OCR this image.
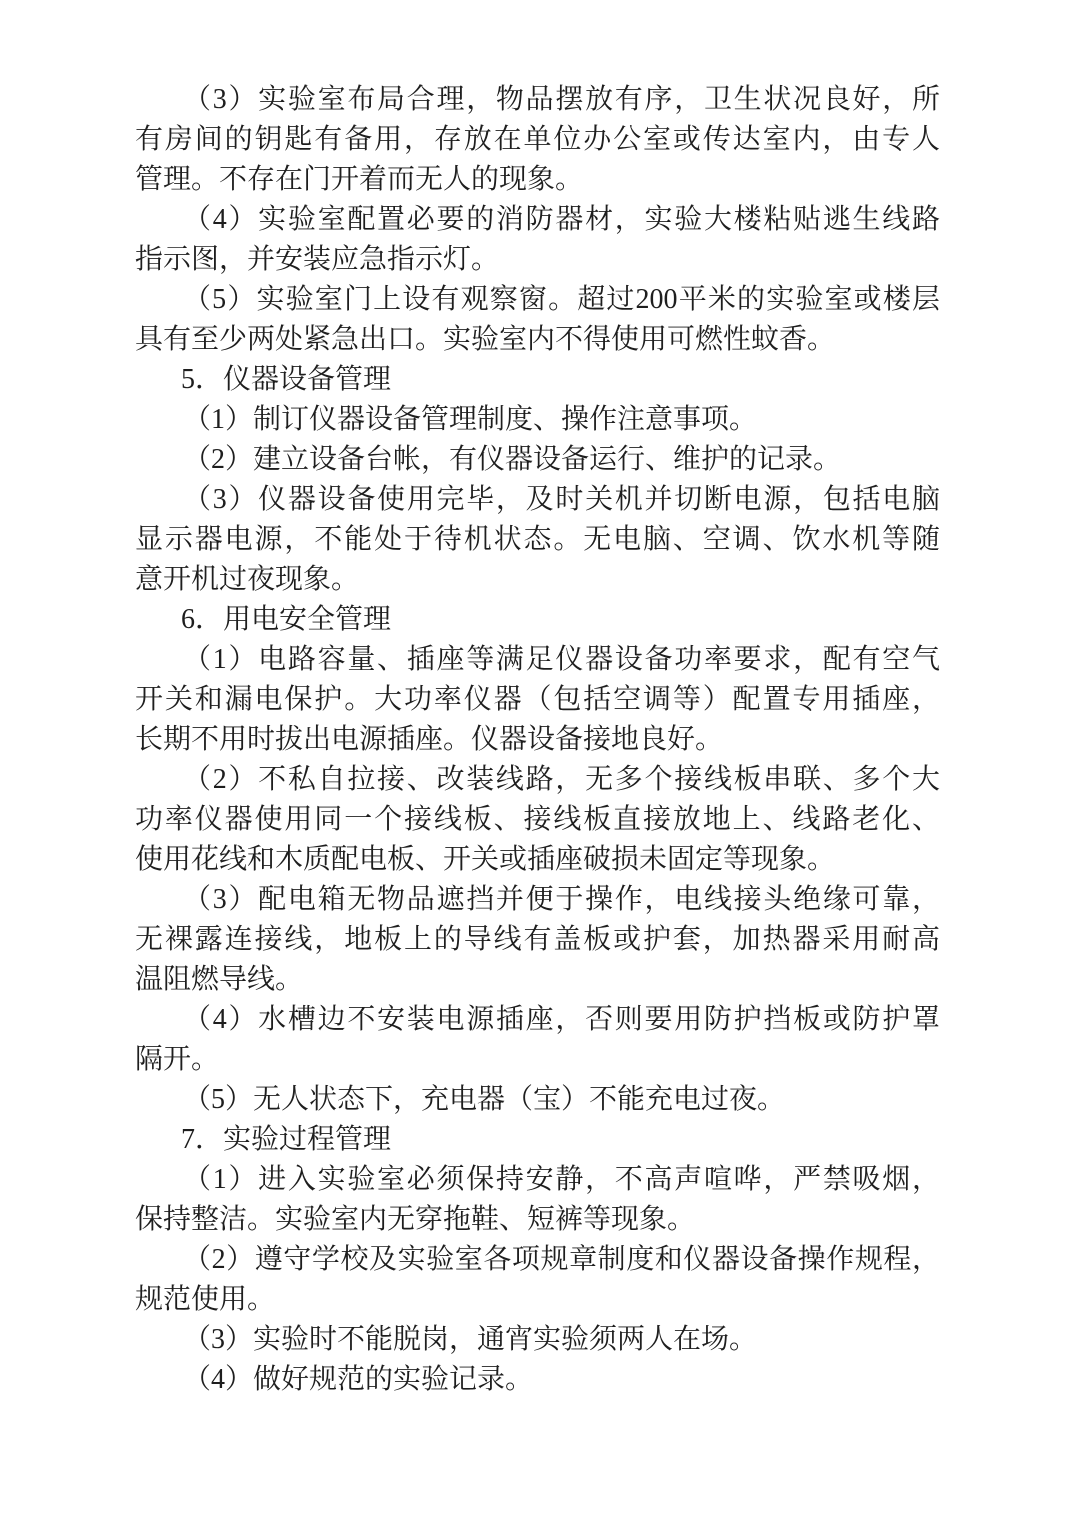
（3）实验室布局合理，物品摆放有序，卫生状况良好，所
有房间的钥匙有备用，存放在单位办公室或传达室内，由专人
管理。不存在门开着而无人的现象。
（4）实验室配置必要的消防器材，实验大楼粘贴逃生线路
指示图，并安装应急指示灯。
（5）实验室门上设有观察窗。超过200平米的实验室或楼层
具有至少两处紧急出口。实验室内不得使用可燃性蚊香。
5．仪器设备管理
（1）制订仪器设备管理制度、操作注意事项。
（2）建立设备台帐，有仪器设备运行、维护的记录。
（3）仪器设备使用完毕，及时关机并切断电源，包括电脑
显示器电源，不能处于待机状态。无电脑、空调、饮水机等随
意开机过夜现象。
6．用电安全管理
（1）电路容量、插座等满足仪器设备功率要求，配有空气
开关和漏电保护。大功率仪器（包括空调等）配置专用插座，
长期不用时拔出电源插座。仪器设备接地良好。
（2）不私自拉接、改装线路，无多个接线板串联、多个大
功率仪器使用同一个接线板、接线板直接放地上、线路老化、
使用花线和木质配电板、开关或插座破损未固定等现象。
（3）配电箱无物品遮挡并便于操作，电线接头绝缘可靠，
无裸露连接线，地板上的导线有盖板或护套，加热器采用耐高
温阻燃导线。
（4）水槽边不安装电源插座，否则要用防护挡板或防护罩
隔开。
（5）无人状态下，充电器（宝）不能充电过夜。
7．实验过程管理
（1）进入实验室必须保持安静，不高声喧哗，严禁吸烟，
保持整洁。实验室内无穿拖鞋、短裤等现象。
（2）遵守学校及实验室各项规章制度和仪器设备操作规程，
规范使用。
（3）实验时不能脱岗，通宵实验须两人在场。
（4）做好规范的实验记录。
